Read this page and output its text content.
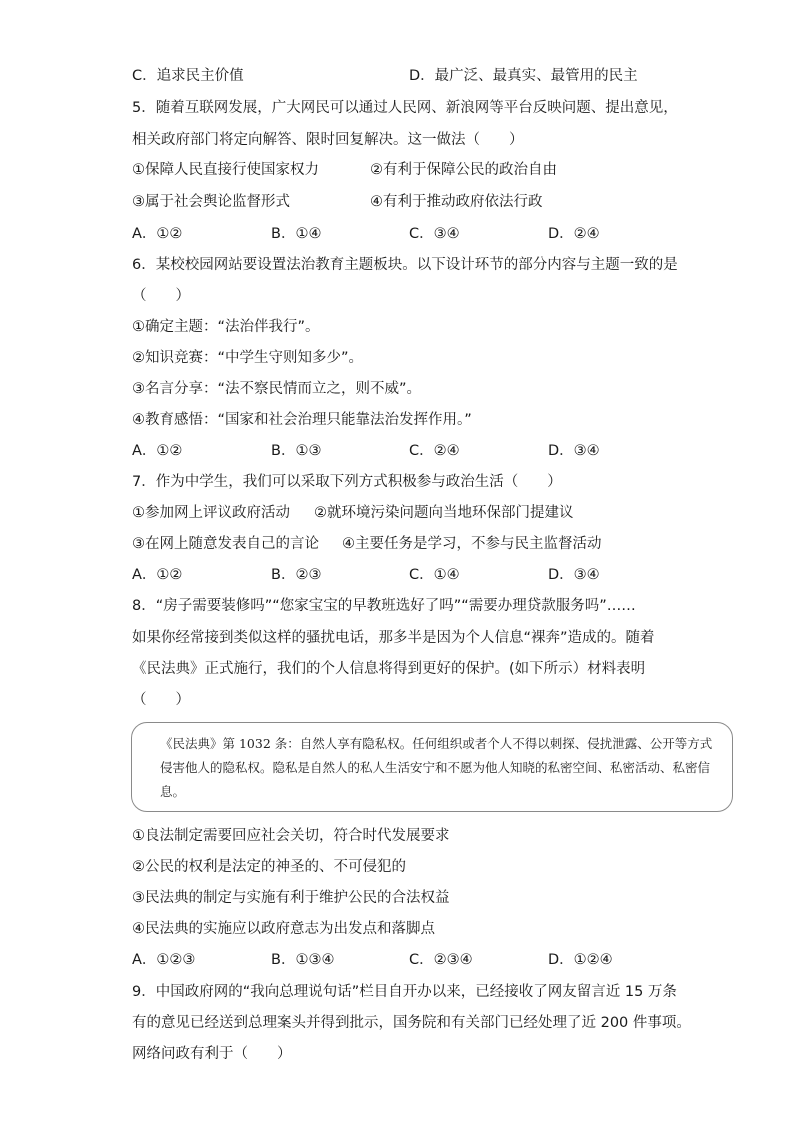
C．追求民主价值	D．最广泛、最真实、最管用的民主
5．随着互联网发展，广大网民可以通过人民网、新浪网等平台反映问题、提出意见，
相关政府部门将定向解答、限时回复解决。这一做法（　　）
①保障人民直接行使国家权力	②有利于保障公民的政治自由
③属于社会舆论监督形式	④有利于推动政府依法行政
A．①②	B．①④	C．③④	D．②④
6．某校校园网站要设置法治教育主题板块。以下设计环节的部分内容与主题一致的是
（　　）
①确定主题：“法治伴我行”。
②知识竞赛：“中学生守则知多少”。
③名言分享：“法不察民情而立之，则不威”。
④教育感悟：“国家和社会治理只能靠法治发挥作用。”
A．①②	B．①③	C．②④	D．③④
7．作为中学生，我们可以采取下列方式积极参与政治生活（　　）
①参加网上评议政府活动 ②就环境污染问题向当地环保部门提建议
③在网上随意发表自己的言论 ④主要任务是学习，不参与民主监督活动
A．①②	B．②③	C．①④	D．③④
8．“房子需要装修吗”“您家宝宝的早教班选好了吗”“需要办理贷款服务吗”……
如果你经常接到类似这样的骚扰电话，那多半是因为个人信息“裸奔”造成的。随着
《民法典》正式施行，我们的个人信息将得到更好的保护。(如下所示）材料表明
（　　）
《民法典》第 1032 条：自然人享有隐私权。任何组织或者个人不得以刺探、侵扰泄露、公开等方式侵害他人的隐私权。隐私是自然人的私人生活安宁和不愿为他人知晓的私密空间、私密活动、私密信息。
①良法制定需要回应社会关切，符合时代发展要求
②公民的权利是法定的神圣的、不可侵犯的
③民法典的制定与实施有利于维护公民的合法权益
④民法典的实施应以政府意志为出发点和落脚点
A．①②③	B．①③④	C．②③④	D．①②④
9．中国政府网的“我向总理说句话”栏目自开办以来，已经接收了网友留言近 15 万条
有的意见已经送到总理案头并得到批示，国务院和有关部门已经处理了近 200 件事项。
网络问政有利于（　　）
